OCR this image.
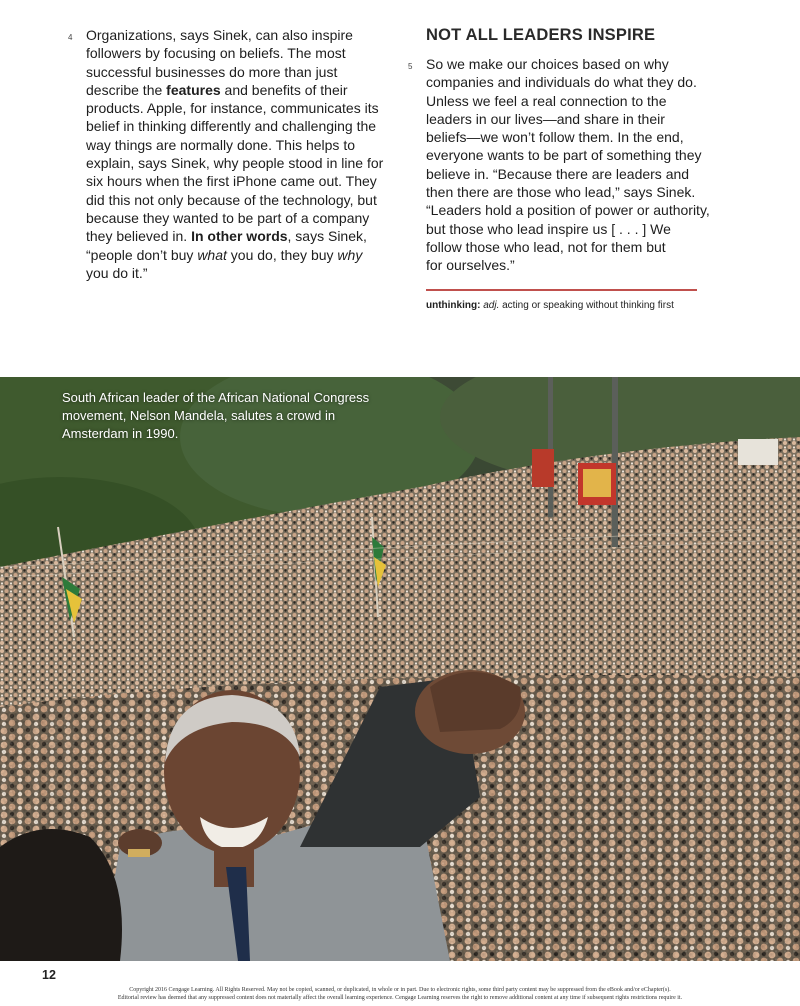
4 Organizations, says Sinek, can also inspire followers by focusing on beliefs. The most successful businesses do more than just describe the features and benefits of their products. Apple, for instance, communicates its belief in thinking differently and challenging the way things are normally done. This helps to explain, says Sinek, why people stood in line for six hours when the first iPhone came out. They did this not only because of the technology, but because they wanted to be part of a company they believed in. In other words, says Sinek, “people don’t buy what you do, they buy why you do it.”

NOT ALL LEADERS INSPIRE

5 So we make our choices based on why
companies and individuals do what they do.
Unless we feel a real connection to the
leaders in our lives—and share in their
beliefs—we won’t follow them. In the end,
everyone wants to be part of something they
believe in. “Because there are leaders and
then there are those who lead,” says Sinek.
“Leaders hold a position of power or authority,
but those who lead inspire us [ . . . ] We
follow those who lead, not for them but
for ourselves.”

unthinking: adj. acting or speaking without thinking first
South African leader of the African National Congress movement, Nelson Mandela, salutes a crowd in Amsterdam in 1990.
12
Copyright 2016 Cengage Learning. All Rights Reserved. May not be copied, scanned, or duplicated, in whole or in part. Due to electronic rights, some third party content may be suppressed from the eBook and/or eChapter(s).
Editorial review has deemed that any suppressed content does not materially affect the overall learning experience. Cengage Learning reserves the right to remove additional content at any time if subsequent rights restrictions require it.
